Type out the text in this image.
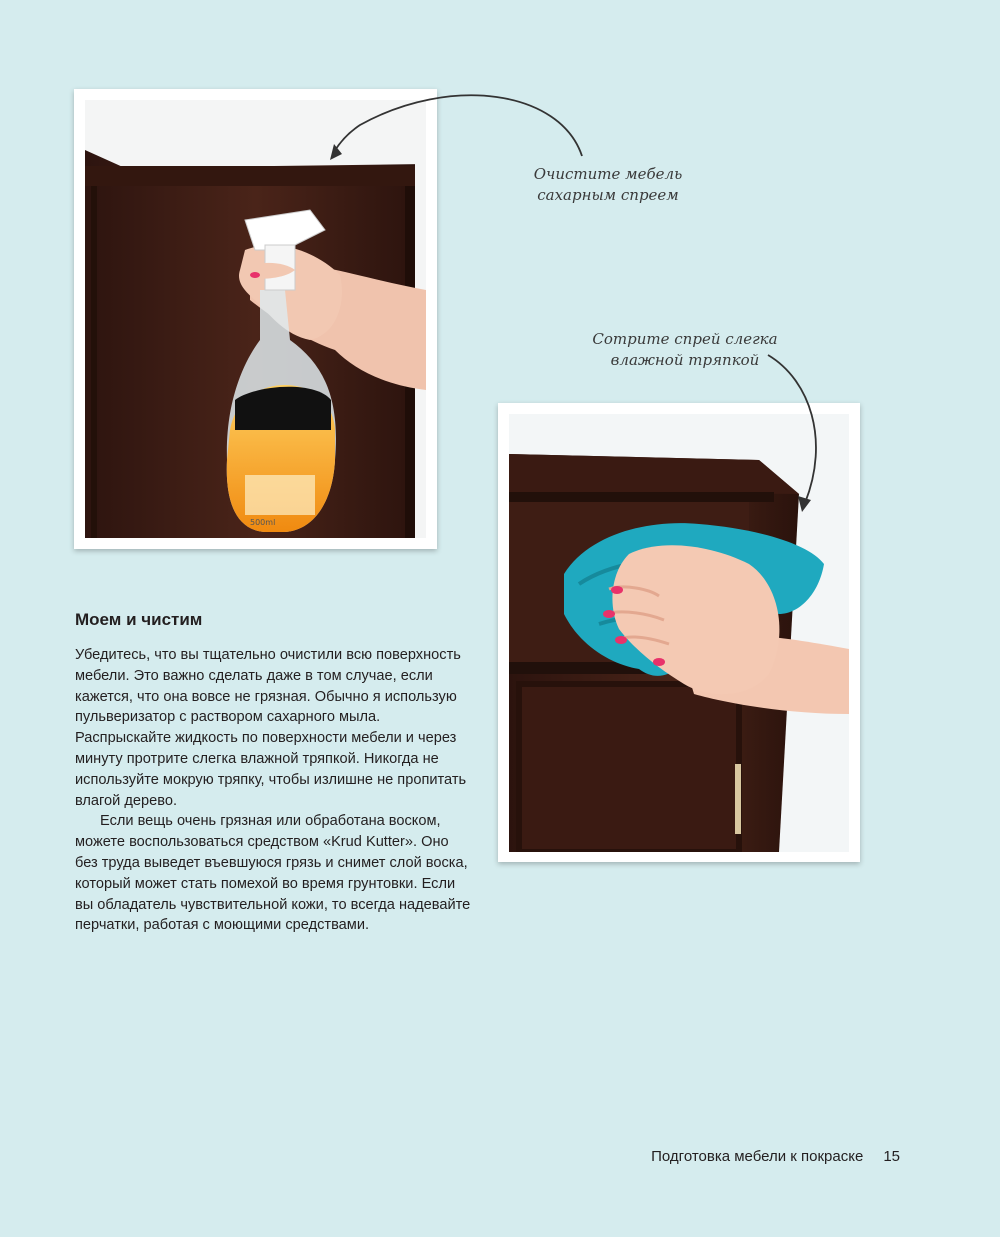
500ml
Очистите мебель
сахарным спреем
Сотрите спрей слегка
влажной тряпкой
Моем и чистим

Убедитесь, что вы тщательно очистили всю поверхность мебели. Это важно сделать даже в том случае, если кажется, что она вовсе не грязная. Обычно я использую пульверизатор с раствором сахарного мыла. Распрыскайте жидкость по поверхности мебели и через минуту протрите слегка влажной тряпкой. Никогда не используйте мокрую тряпку, чтобы излишне не пропитать влагой дерево.

Если вещь очень грязная или обработана воском, можете воспользоваться средством «Krud Kutter». Оно без труда выведет въевшуюся грязь и снимет слой воска, который может стать помехой во время грунтовки. Если вы обладатель чувствительной кожи, то всегда надевайте перчатки, работая с моющими средствами.

Подготовка мебели к покраске 15
